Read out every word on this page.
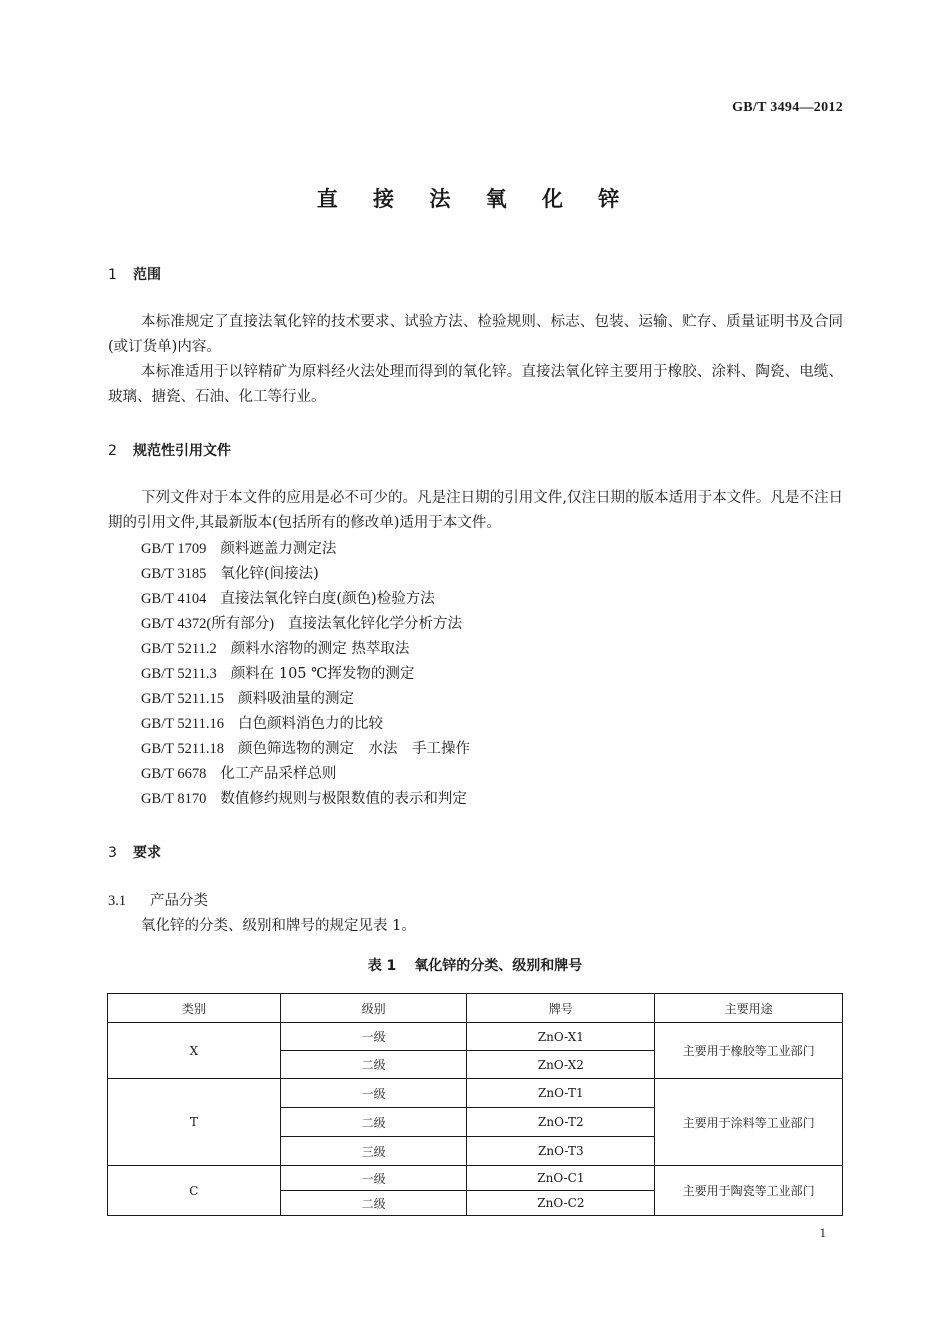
GB/T 3494—2012
直 接 法 氧 化 锌
1 范围
本标准规定了直接法氧化锌的技术要求、试验方法、检验规则、标志、包装、运输、贮存、质量证明书及合同(或订货单)内容。
本标准适用于以锌精矿为原料经火法处理而得到的氧化锌。直接法氧化锌主要用于橡胶、涂料、陶瓷、电缆、玻璃、搪瓷、石油、化工等行业。
2 规范性引用文件
下列文件对于本文件的应用是必不可少的。凡是注日期的引用文件,仅注日期的版本适用于本文件。凡是不注日期的引用文件,其最新版本(包括所有的修改单)适用于本文件。
GB/T 1709 颜料遮盖力测定法
GB/T 3185 氧化锌(间接法)
GB/T 4104 直接法氧化锌白度(颜色)检验方法
GB/T 4372(所有部分) 直接法氧化锌化学分析方法
GB/T 5211.2 颜料水溶物的测定 热萃取法
GB/T 5211.3 颜料在 105 ℃挥发物的测定
GB/T 5211.15 颜料吸油量的测定
GB/T 5211.16 白色颜料消色力的比较
GB/T 5211.18 颜色筛选物的测定　水法　手工操作
GB/T 6678 化工产品采样总则
GB/T 8170 数值修约规则与极限数值的表示和判定
3 要求
3.1 产品分类
氧化锌的分类、级别和牌号的规定见表 1。
表 1 氧化锌的分类、级别和牌号
类别	级别	牌号	主要用途
X	一级	ZnO-X1	主要用于橡胶等工业部门
	二级	ZnO-X2	
T	一级	ZnO-T1	主要用于涂料等工业部门
	二级	ZnO-T2	
	三级	ZnO-T3	
C	一级	ZnO-C1	主要用于陶瓷等工业部门
	二级	ZnO-C2	
1
